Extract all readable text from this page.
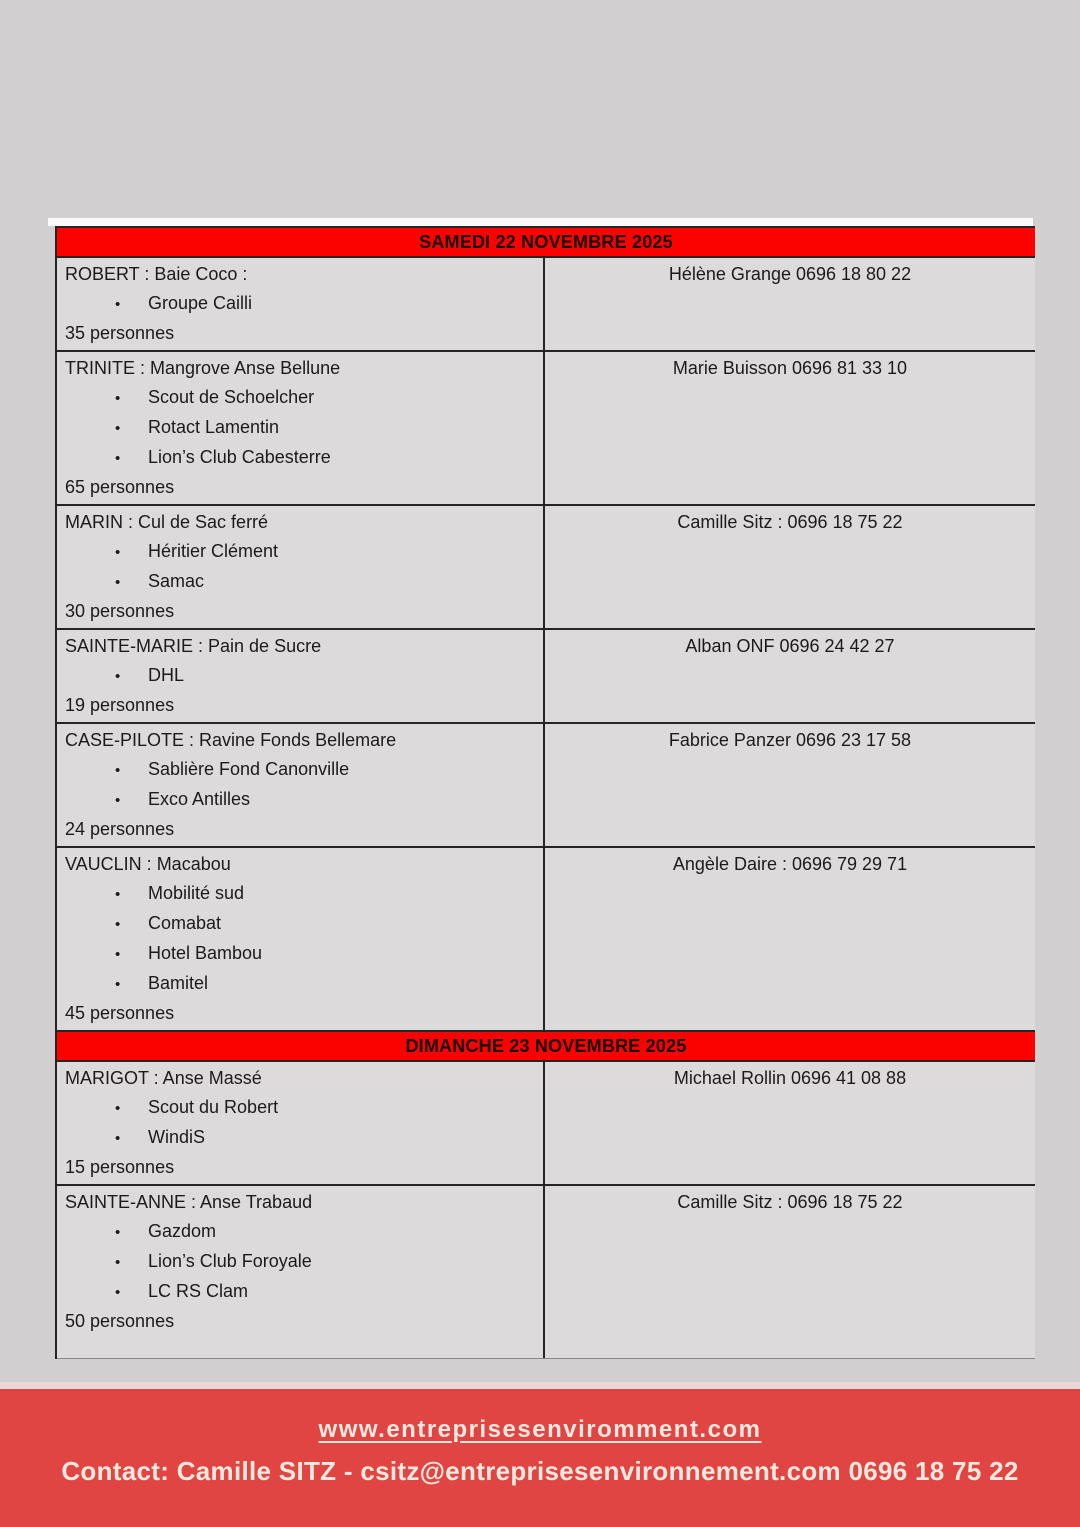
SAMEDI 22 NOVEMBRE 2025
ROBERT : Baie Coco :
• Groupe Cailli
35 personnes
Hélène Grange 0696 18 80 22
TRINITE : Mangrove Anse Bellune
• Scout de Schoelcher
• Rotact Lamentin
• Lion’s Club Cabesterre
65 personnes
Marie Buisson 0696 81 33 10
MARIN : Cul de Sac ferré
• Héritier Clément
• Samac
30 personnes
Camille Sitz : 0696 18 75 22
SAINTE-MARIE : Pain de Sucre
• DHL
19 personnes
Alban ONF 0696 24 42 27
CASE-PILOTE : Ravine Fonds Bellemare
• Sablière Fond Canonville
• Exco Antilles
24 personnes
Fabrice Panzer 0696 23 17 58
VAUCLIN : Macabou
• Mobilité sud
• Comabat
• Hotel Bambou
• Bamitel
45 personnes
Angèle Daire : 0696 79 29 71
DIMANCHE 23 NOVEMBRE 2025
MARIGOT : Anse Massé
• Scout du Robert
• WindiS
15 personnes
Michael Rollin 0696 41 08 88
SAINTE-ANNE : Anse Trabaud
• Gazdom
• Lion’s Club Foroyale
• LC RS Clam
50 personnes
Camille Sitz : 0696 18 75 22
www.entreprisesenviromment.com
Contact: Camille SITZ - csitz@entreprisesenvironnement.com 0696 18 75 22
